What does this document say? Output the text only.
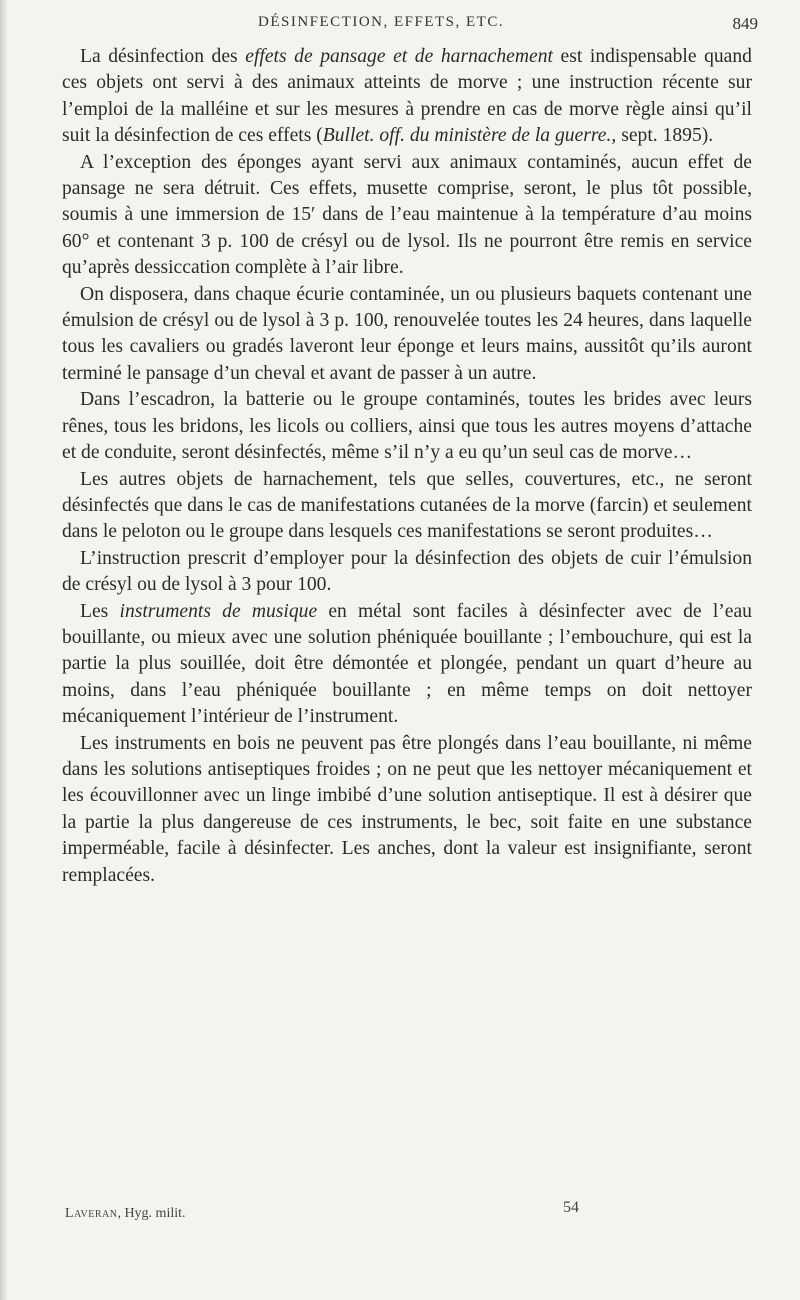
DÉSINFECTION, EFFETS, ETC.	849

La désinfection des effets de pansage et de harnachement est indispensable quand ces objets ont servi à des animaux atteints de morve ; une instruction récente sur l’emploi de la malléine et sur les mesures à prendre en cas de morve règle ainsi qu’il suit la désinfection de ces effets (Bullet. off. du ministère de la guerre., sept. 1895).

A l’exception des éponges ayant servi aux animaux contaminés, aucun effet de pansage ne sera détruit. Ces effets, musette comprise, seront, le plus tôt possible, soumis à une immersion de 15′ dans de l’eau maintenue à la température d’au moins 60° et contenant 3 p. 100 de crésyl ou de lysol. Ils ne pourront être remis en service qu’après dessiccation complète à l’air libre.

On disposera, dans chaque écurie contaminée, un ou plusieurs baquets contenant une émulsion de crésyl ou de lysol à 3 p. 100, renouvelée toutes les 24 heures, dans laquelle tous les cavaliers ou gradés laveront leur éponge et leurs mains, aussitôt qu’ils auront terminé le pansage d’un cheval et avant de passer à un autre.

Dans l’escadron, la batterie ou le groupe contaminés, toutes les brides avec leurs rênes, tous les bridons, les licols ou colliers, ainsi que tous les autres moyens d’attache et de conduite, seront désinfectés, même s’il n’y a eu qu’un seul cas de morve…

Les autres objets de harnachement, tels que selles, couvertures, etc., ne seront désinfectés que dans le cas de manifestations cutanées de la morve (farcin) et seulement dans le peloton ou le groupe dans lesquels ces manifestations se seront produites…

L’instruction prescrit d’employer pour la désinfection des objets de cuir l’émulsion de crésyl ou de lysol à 3 pour 100.

Les instruments de musique en métal sont faciles à désinfecter avec de l’eau bouillante, ou mieux avec une solution phéniquée bouillante ; l’embouchure, qui est la partie la plus souillée, doit être démontée et plongée, pendant un quart d’heure au moins, dans l’eau phéniquée bouillante ; en même temps on doit nettoyer mécaniquement l’intérieur de l’instrument.

Les instruments en bois ne peuvent pas être plongés dans l’eau bouillante, ni même dans les solutions antiseptiques froides ; on ne peut que les nettoyer mécaniquement et les écouvillonner avec un linge imbibé d’une solution antiseptique. Il est à désirer que la partie la plus dangereuse de ces instruments, le bec, soit faite en une substance imperméable, facile à désinfecter. Les anches, dont la valeur est insignifiante, seront remplacées.

Laveran, Hyg. milit.	54
